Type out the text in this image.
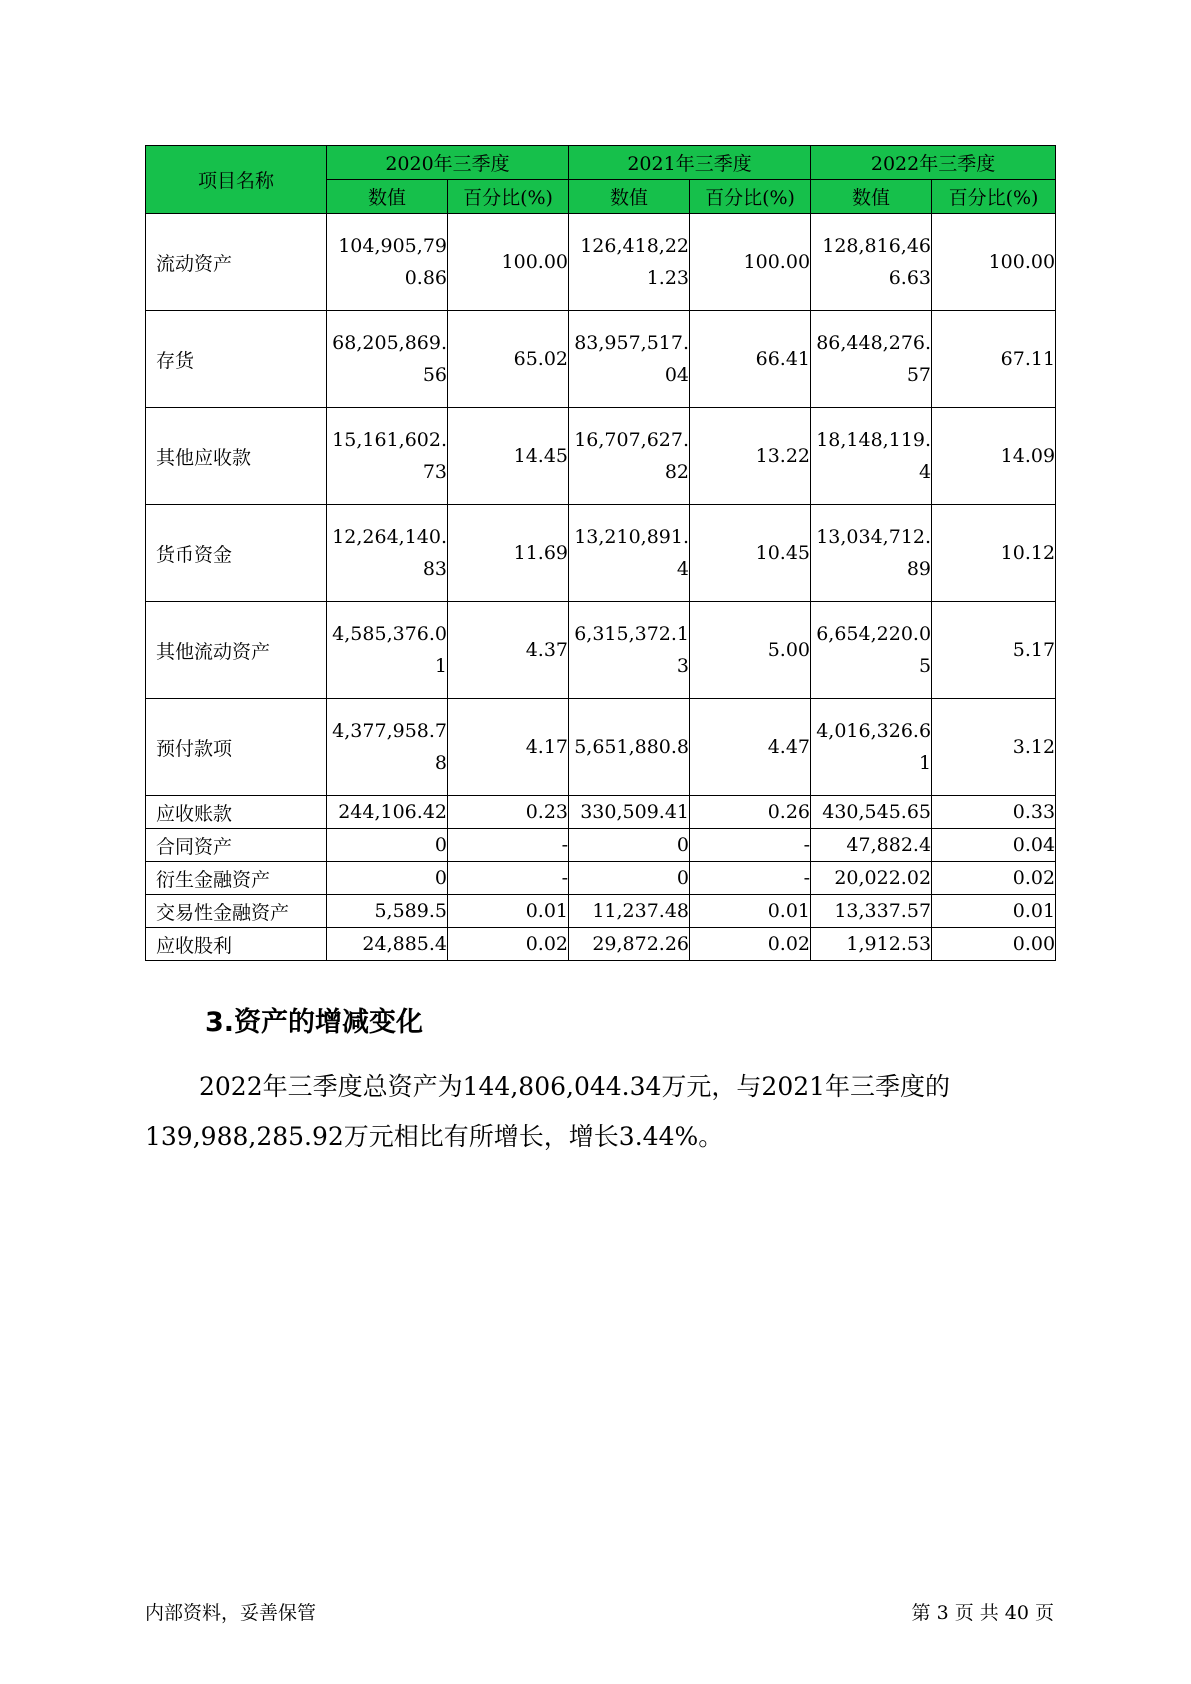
项目名称	2020年三季度		2021年三季度		2022年三季度	
	数值	百分比(%)	数值	百分比(%)	数值	百分比(%)
流动资产	104,905,790.86	100.00	126,418,221.23	100.00	128,816,466.63	100.00
存货	68,205,869.56	65.02	83,957,517.04	66.41	86,448,276.57	67.11
其他应收款	15,161,602.73	14.45	16,707,627.82	13.22	18,148,119.4	14.09
货币资金	12,264,140.83	11.69	13,210,891.4	10.45	13,034,712.89	10.12
其他流动资产	4,585,376.01	4.37	6,315,372.13	5.00	6,654,220.05	5.17
预付款项	4,377,958.78	4.17	5,651,880.8	4.47	4,016,326.61	3.12
应收账款	244,106.42	0.23	330,509.41	0.26	430,545.65	0.33
合同资产	0	-	0	-	47,882.4	0.04
衍生金融资产	0	-	0	-	20,022.02	0.02
交易性金融资产	5,589.5	0.01	11,237.48	0.01	13,337.57	0.01
应收股利	24,885.4	0.02	29,872.26	0.02	1,912.53	0.00
3.资产的增减变化
2022年三季度总资产为144,806,044.34万元，与2021年三季度的139,988,285.92万元相比有所增长，增长3.44%。
内部资料，妥善保管	第 3 页 共 40 页
